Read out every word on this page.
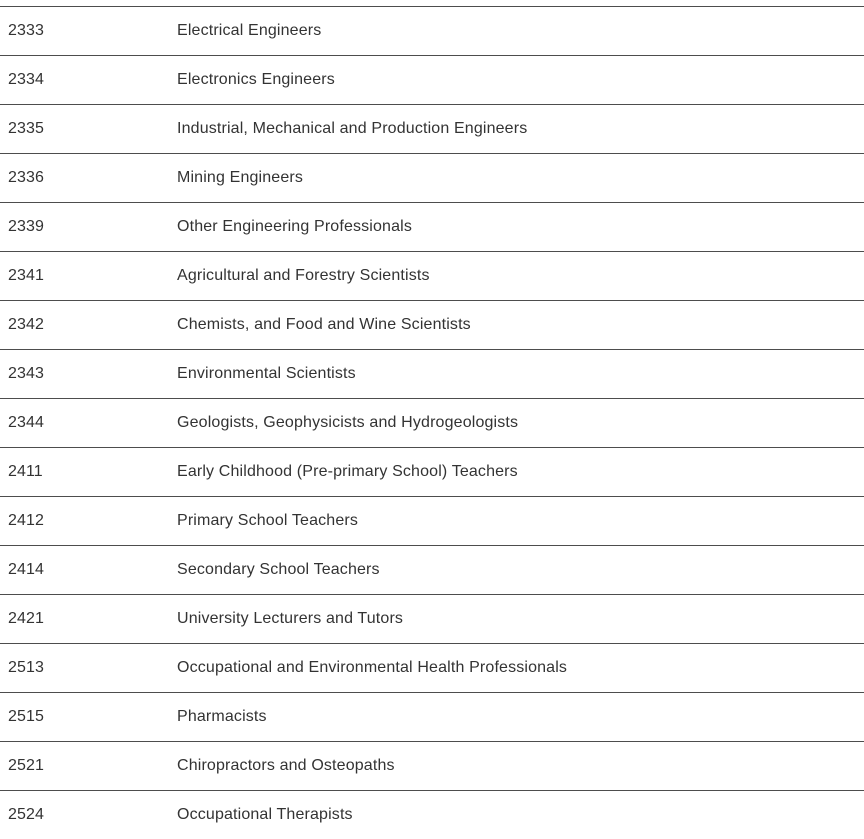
2333	Electrical Engineers
2334	Electronics Engineers
2335	Industrial, Mechanical and Production Engineers
2336	Mining Engineers
2339	Other Engineering Professionals
2341	Agricultural and Forestry Scientists
2342	Chemists, and Food and Wine Scientists
2343	Environmental Scientists
2344	Geologists, Geophysicists and Hydrogeologists
2411	Early Childhood (Pre-primary School) Teachers
2412	Primary School Teachers
2414	Secondary School Teachers
2421	University Lecturers and Tutors
2513	Occupational and Environmental Health Professionals
2515	Pharmacists
2521	Chiropractors and Osteopaths
2524	Occupational Therapists
